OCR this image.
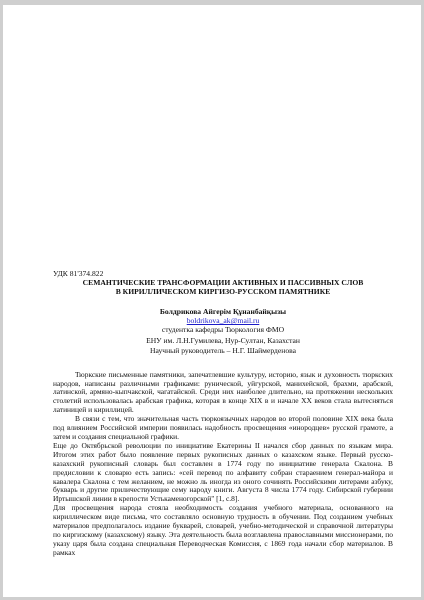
УДК 81'374.822

СЕМАНТИЧЕСКИЕ ТРАНСФОРМАЦИИ АКТИВНЫХ И ПАССИВНЫХ СЛОВ

В КИРИЛЛИЧЕСКОМ КИРГИЗО-РУССКОМ ПАМЯТНИКЕ

Болдрикова Айгерім Құнанбайқызы

boldrikova_ak@mail.ru

студентка кафедры Тюркология ФМО

ЕНУ им. Л.Н.Гумилева, Нур-Султан, Казахстан

Научный руководитель – Н.Г. Шаймерденова

Тюркские письменные памятники, запечатлевшие культуру, историю, язык и духовность тюркских народов, написаны различными графиками: рунической, уйгурской, манихейской, брахми, арабской, латинской, армяно-кыпчакской, чагатайской. Среди них наиболее длительно, на протяжении нескольких столетий использовалась арабская графика, которая в конце XIX в и начале XX веков стала вытесняться латиницей и кириллицей.

В связи с тем, что значительная часть тюркоязычных народов во второй половине XIX века была под влиянием Российской империи появилась надобность просвещения «инородцев» русской грамоте, а затем и создания специальной графики.

Еще до Октябрьской революции по инициативе Екатерины II начался сбор данных по языкам мира. Итогом этих работ было появление первых рукописных данных о казахском языке. Первый русско-казахский рукописный словарь был составлен в 1774 году по инициативе генерала Скалона. В предисловии к словарю есть запись: «сей перевод по алфавиту собран стараением генерал-майора и кавалера Скалона с тем желанием, не можно ль иногда из оного сочинять Российскими литерами азбуку, букварь и другие приличествующие сему народу книги. Августа 8 числа 1774 году. Сибирской губернии Иртышской линии в крепости Устькаменогорской" [1, с.8].

Для просвещения народа стояла необходимость создания учебного материала, основанного на кириллическом виде письма, что составляло основную трудность в обучении. Под созданием учебных материалов предполагалось издание букварей, словарей, учебно-методической и справочной литературы по киргизскому (казахскому) языку. Эта деятельность была возглавлена православными миссионерами, по указу царя была создана специальная Переводческая Комиссия, с 1869 года начали сбор материалов. В рамках
